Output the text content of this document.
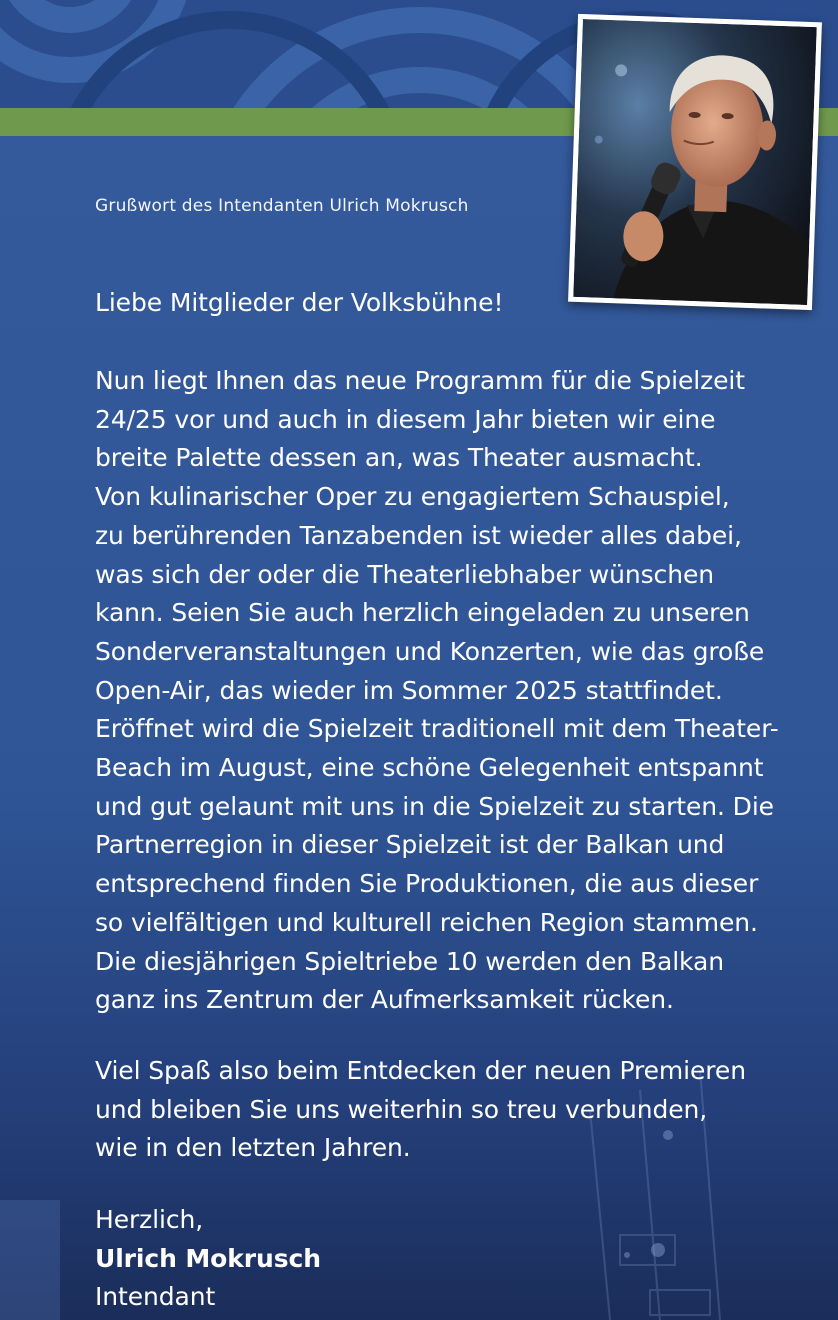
Grußwort des Intendanten Ulrich Mokrusch
Liebe Mitglieder der Volksbühne!
Nun liegt Ihnen das neue Programm für die Spielzeit
24/25 vor und auch in diesem Jahr bieten wir eine
breite Palette dessen an, was Theater ausmacht.
Von kulinarischer Oper zu engagiertem Schauspiel,
zu berührenden Tanzabenden ist wieder alles dabei,
was sich der oder die Theaterliebhaber wünschen
kann. Seien Sie auch herzlich eingeladen zu unseren
Sonderveranstaltungen und Konzerten, wie das große
Open-Air, das wieder im Sommer 2025 stattfindet.
Eröffnet wird die Spielzeit traditionell mit dem Theater-
Beach im August, eine schöne Gelegenheit entspannt
und gut gelaunt mit uns in die Spielzeit zu starten. Die
Partnerregion in dieser Spielzeit ist der Balkan und
entsprechend finden Sie Produktionen, die aus dieser
so vielfältigen und kulturell reichen Region stammen.
Die diesjährigen Spieltriebe 10 werden den Balkan
ganz ins Zentrum der Aufmerksamkeit rücken.
Viel Spaß also beim Entdecken der neuen Premieren
und bleiben Sie uns weiterhin so treu verbunden,
wie in den letzten Jahren.
Herzlich,
Ulrich Mokrusch
Intendant
